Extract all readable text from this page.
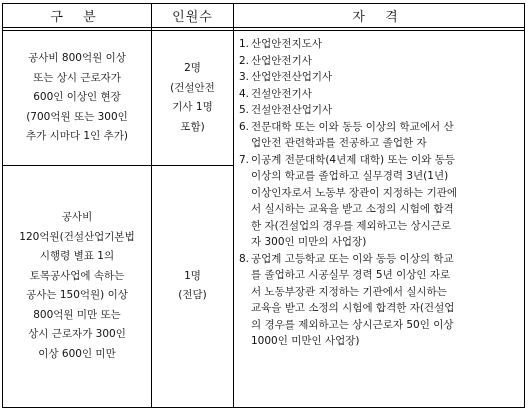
구 분	인원수	자 격
공사비 800억원 이상
또는 상시 근로자가
600인 이상인 현장
(700억원 또는 300인
추가 시마다 1인 추가)
2명
(건설안전
기사 1명
포함)
공사비
120억원(건설산업기본법
시행령 별표 1의
토목공사업에 속하는
공사는 150억원) 이상
800억원 미만 또는
상시 근로자가 300인
이상 600인 미만
1명
(전담)
1. 산업안전지도사
2. 산업안전기사
3. 산업안전산업기사
4. 건설안전기사
5. 건설안전산업기사
6. 전문대학 또는 이와 동등 이상의 학교에서 산
업안전 관련학과를 전공하고 졸업한 자
7. 이공계 전문대학(4년제 대학) 또는 이와 동등
이상의 학교를 졸업하고 실무경력 3년(1년)
이상인자로서 노동부 장관이 지정하는 기관에
서 실시하는 교육을 받고 소정의 시험에 합격
한 자(건설업의 경우를 제외하고는 상시근로
자 300인 미만의 사업장)
8. 공업계 고등학교 또는 이와 동등 이상의 학교
를 졸업하고 시공실무 경력 5년 이상인 자로
서 노동부장관 지정하는 기관에서 실시하는
교육을 받고 소정의 시험에 합격한 자(건설업
의 경우를 제외하고는 상시근로자 50인 이상
1000인 미만인 사업장)
